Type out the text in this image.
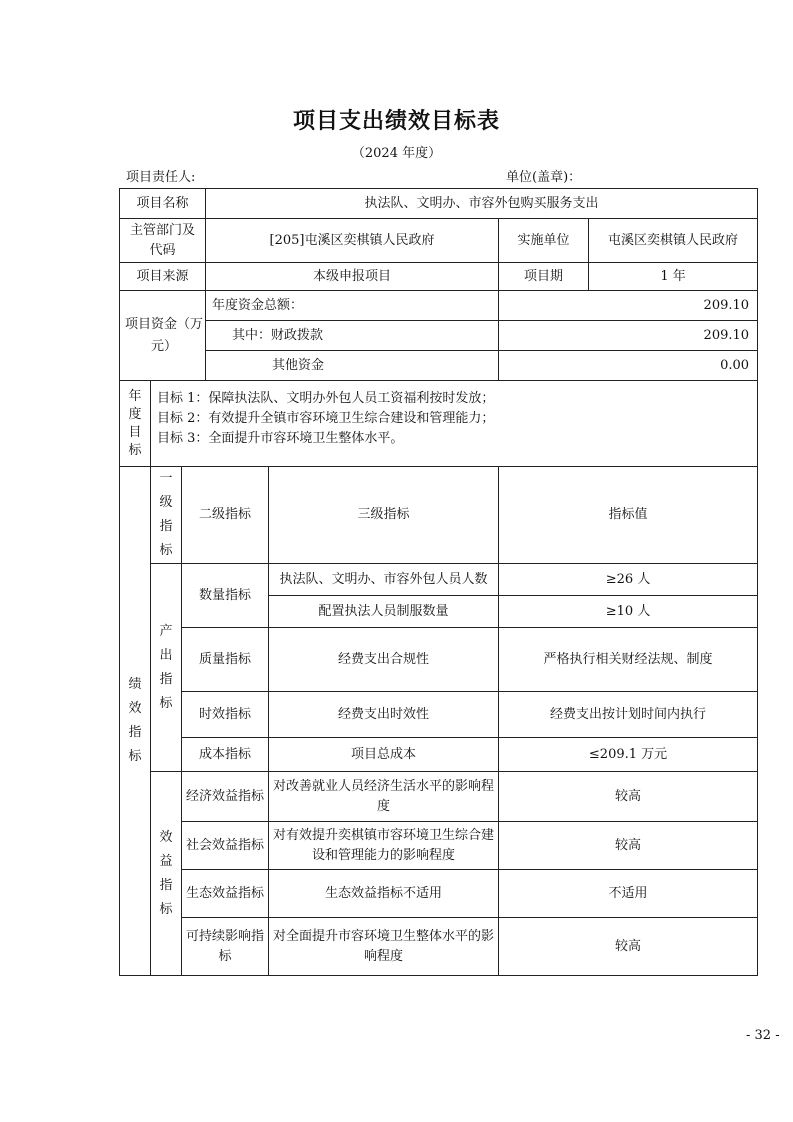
项目支出绩效目标表
（2024 年度）
项目责任人:	单位(盖章)：
项目名称			执法队、文明办、市容外包购买服务支出			
主管部门及代码			[205]屯溪区奕棋镇人民政府		实施单位	屯溪区奕棋镇人民政府
项目来源			本级申报项目		项目期	1 年
项目资金（万元）			年度资金总额：		209.10	
			其中：财政拨款		209.10	
			其他资金		0.00	

年度目标	目标 1：保障执法队、文明办外包人员工资福利按时发放；
目标 2：有效提升全镇市容环境卫生综合建设和管理能力；
目标 3：全面提升市容环境卫生整体水平。					

绩效指标	一级指标	二级指标		三级指标	指标值	

	产出指标	数量指标		执法队、文明办、市容外包人员人数	≥26 人	
				配置执法人员制服数量	≥10 人	
		质量指标		经费支出合规性	严格执行相关财经法规、制度	
		时效指标		经费支出时效性	经费支出按计划时间内执行	
		成本指标		项目总成本	≤209.1 万元	

	效益指标	经济效益指标		对改善就业人员经济生活水平的影响程度	较高	
		社会效益指标		对有效提升奕棋镇市容环境卫生综合建设和管理能力的影响程度	较高	
		生态效益指标		生态效益指标不适用	不适用	
		可持续影响指标		对全面提升市容环境卫生整体水平的影响程度	较高	
- 32 -
